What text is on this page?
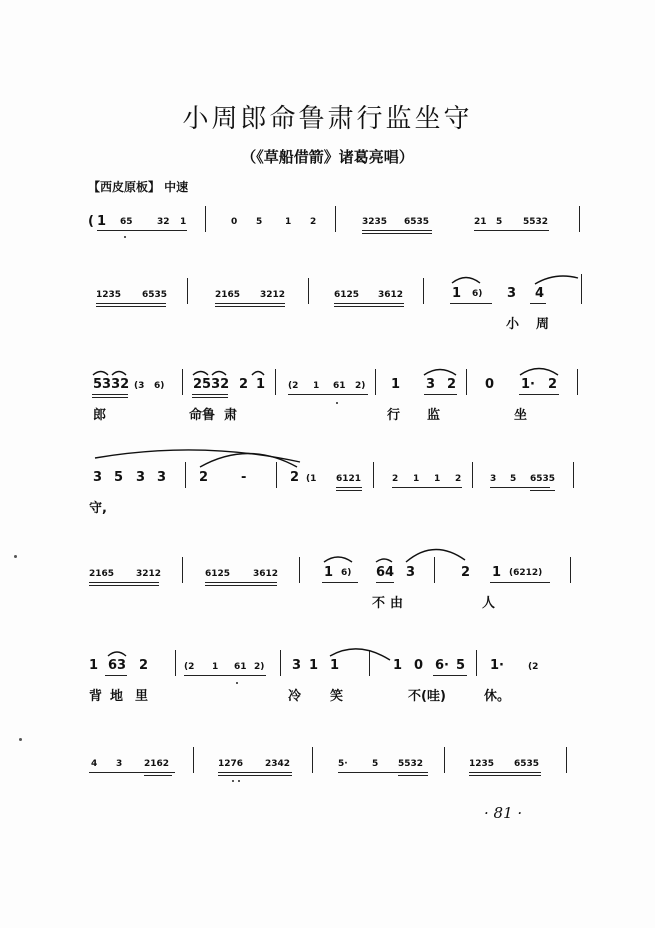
小周郎命鲁肃行监坐守
（《草船借箭》诸葛亮唱）
【西皮原板】 中速
( 1 65	32 1	0 5	1 2	3235 6535	21 5 5532
1235 6535	2165 3212	6125 3612	1 6) 3 4
小 周
5332 (3 6) 2532 2 1	(2 1 61 2) 1 3 2 0 1· 2
郎	命鲁 肃	行 监	坐
3 5 3 3	2	-	2 (1 6121	2 1 1 2	3 5 6535
守,
2165 3212	6125	3612	1 6) 64 3	2 1 (6212)
不 由	人
1 63 2	(2 1 61 2) 3 1 1	1 0 6· 5 1·	(2
背 地 里	冷 笑	不(哇)	休。
4 3 2162	1276 2342	5·	5 5532	1235 6535
· 81 ·
